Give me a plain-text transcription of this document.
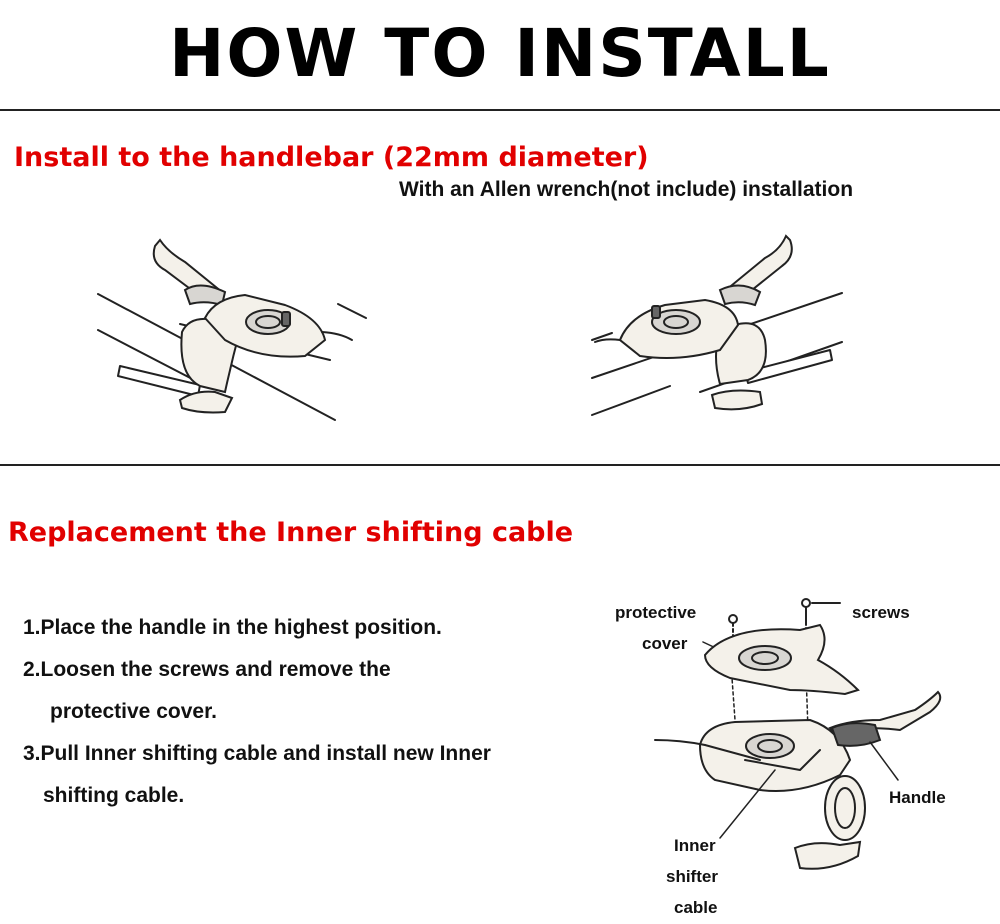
HOW TO INSTALL
Install to the handlebar (22mm diameter)
With an Allen wrench(not include) installation
Replacement the Inner shifting cable
1.Place the handle in the highest position.
2.Loosen the screws and remove the
protective cover.
3.Pull Inner shifting cable and install new Inner
shifting cable.
protective
cover
screws
Handle
Inner
shifter
cable
